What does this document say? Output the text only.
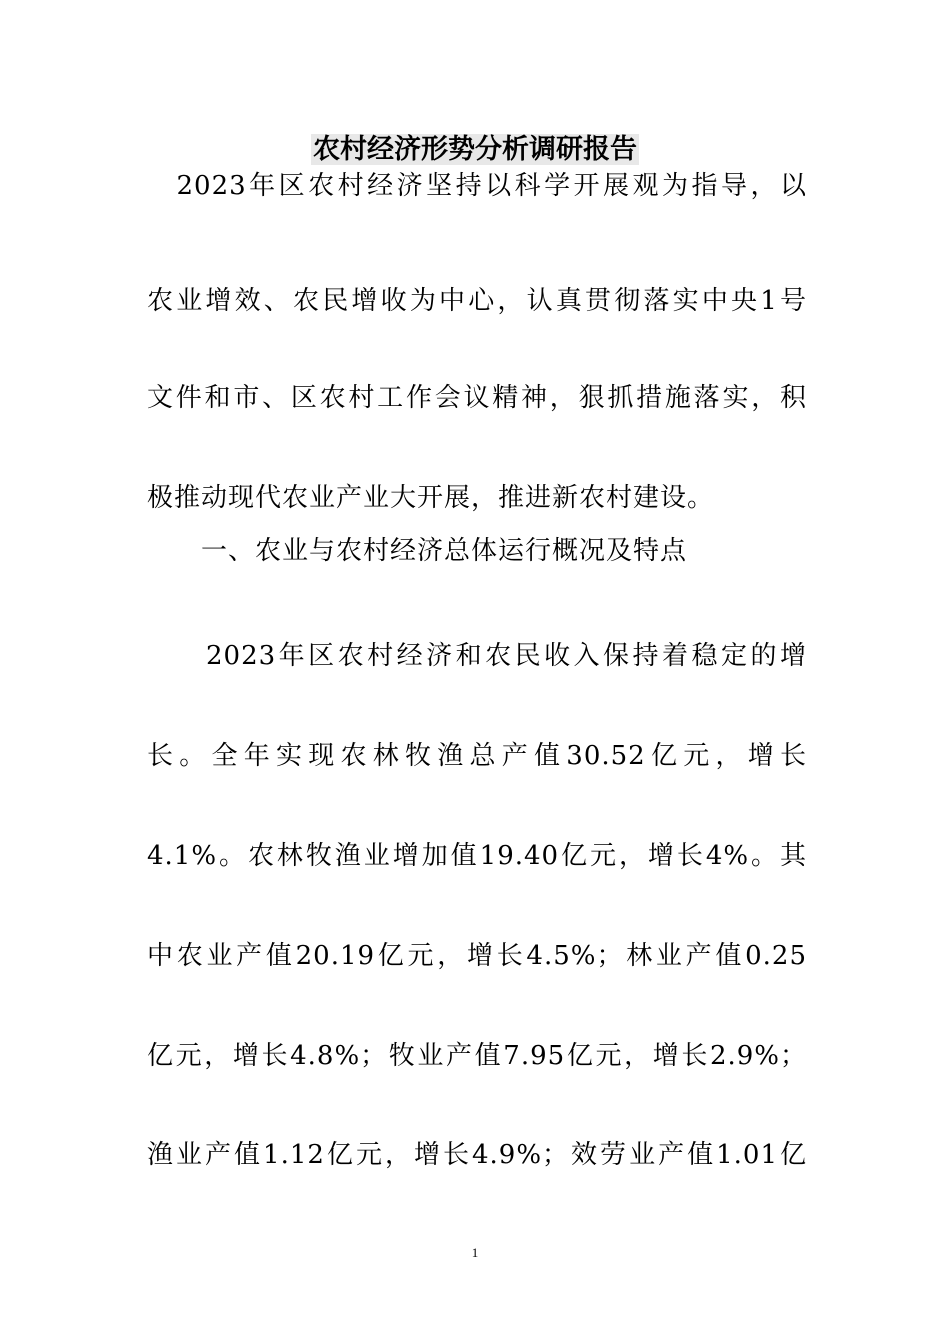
农村经济形势分析调研报告
　2023年区农村经济坚持以科学开展观为指导，以
农业增效、农民增收为中心，认真贯彻落实中央1号
文件和市、区农村工作会议精神，狠抓措施落实，积
极推动现代农业产业大开展，推进新农村建设。
　　一、农业与农村经济总体运行概况及特点
　　2023年区农村经济和农民收入保持着稳定的增
长。全年实现农林牧渔总产值30.52亿元，增长
4.1%。农林牧渔业增加值19.40亿元，增长4%。其
中农业产值20.19亿元，增长4.5%；林业产值0.25
亿元，增长4.8%；牧业产值7.95亿元，增长2.9%；
渔业产值1.12亿元，增长4.9%；效劳业产值1.01亿
1
